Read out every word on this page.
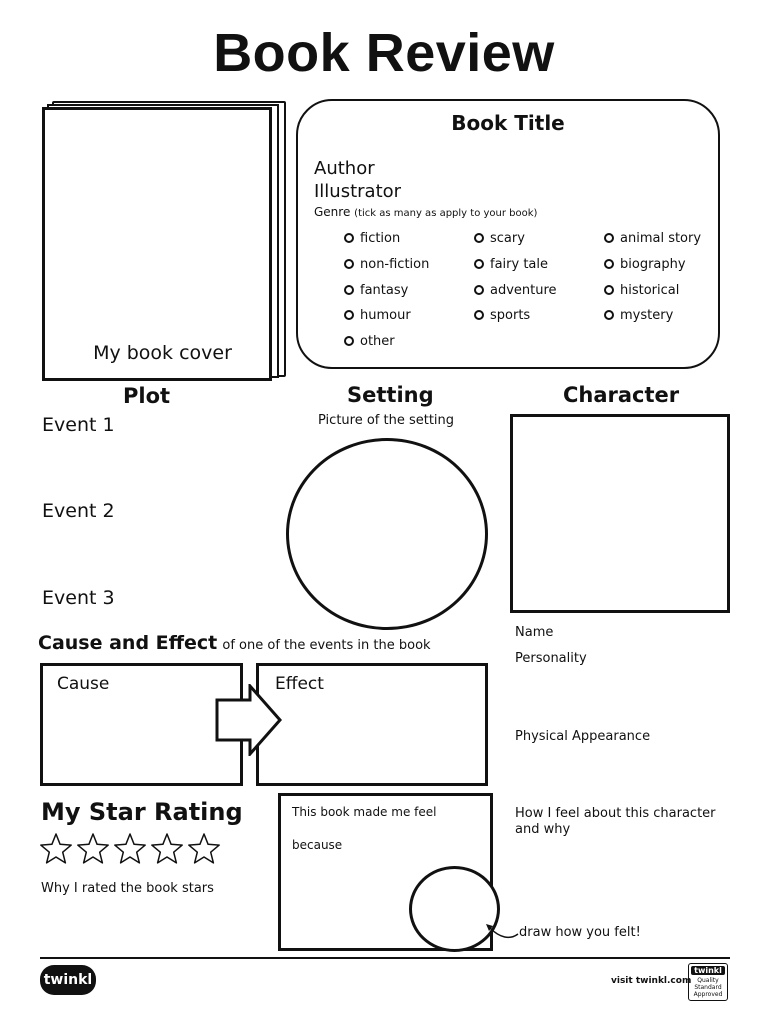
Book Review
My book cover
Book Title
Author
Illustrator
Genre (tick as many as apply to your book)
fiction	scary	animal story
non-fiction	fairy tale	biography
fantasy	adventure	historical
humour	sports	mystery
other
Plot
Event 1
Event 2
Event 3
Setting
Picture of the setting
Character
Name
Personality
Physical Appearance
How I feel about this character
and why
Cause and Effect of one of the events in the book
Cause	Effect
My Star Rating
Why I rated the book stars
This book made me feel
because
draw how you felt!
twinkl	visit twinkl.com
twinkl
Quality Standard
Approved
